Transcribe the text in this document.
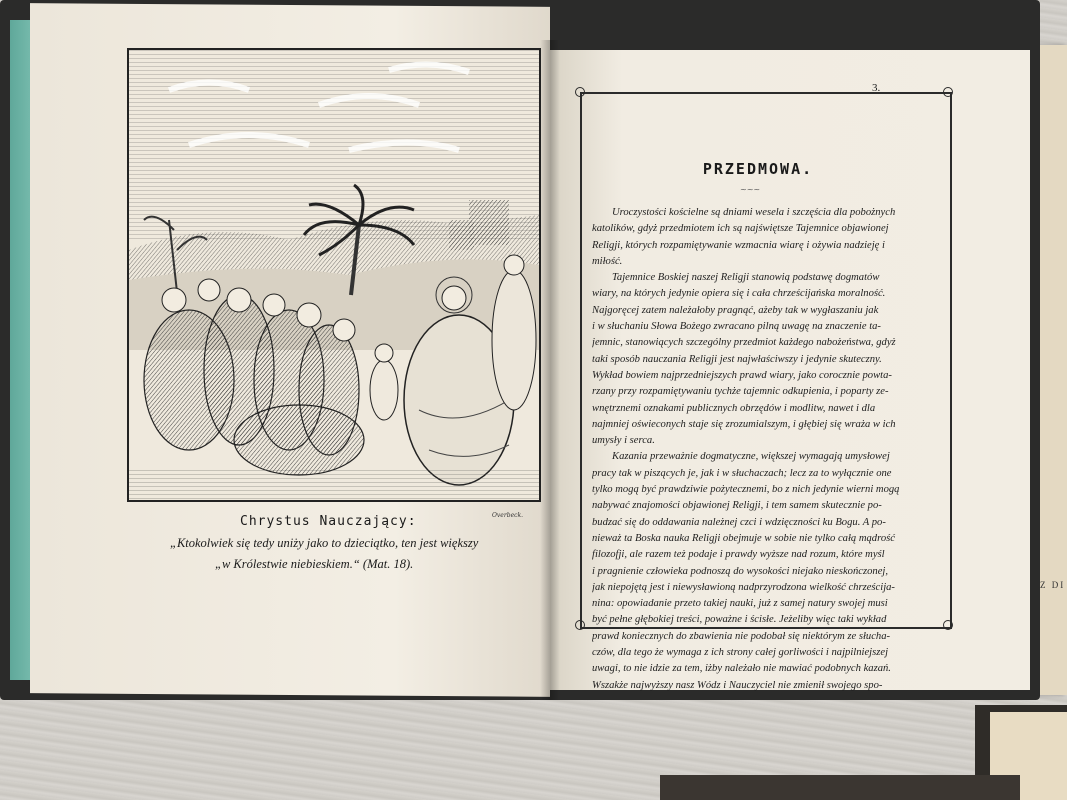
Z DI
Overbeck.
Chrystus Nauczający:
„Ktokolwiek się tedy uniży jako to dzieciątko, ten jest większy
„w Królestwie niebieskiem.“ (Mat. 18).
3.
PRZEDMOWA.
~~~
Uroczystości kościelne są dniami wesela i szczęścia dla pobożnych
katolików, gdyż przedmiotem ich są najświętsze Tajemnice objawionej
Religji, których rozpamiętywanie wzmacnia wiarę i ożywia nadzieję i
miłość.
Tajemnice Boskiej naszej Religji stanowią podstawę dogmatów
wiary, na których jedynie opiera się i cała chrześcijańska moralność.
Najgoręcej zatem należałoby pragnąć, ażeby tak w wygłaszaniu jak
i w słuchaniu Słowa Bożego zwracano pilną uwagę na znaczenie ta-
jemnic, stanowiących szczególny przedmiot każdego nabożeństwa, gdyż
taki sposób nauczania Religji jest najwłaściwszy i jedynie skuteczny.
Wykład bowiem najprzedniejszych prawd wiary, jako corocznie powta-
rzany przy rozpamiętywaniu tychże tajemnic odkupienia, i poparty ze-
wnętrznemi oznakami publicznych obrzędów i modlitw, nawet i dla
najmniej oświeconych staje się zrozumialszym, i głębiej się wraża w ich
umysły i serca.
Kazania przeważnie dogmatyczne, większej wymagają umysłowej
pracy tak w piszących je, jak i w słuchaczach; lecz za to wyłącznie one
tylko mogą być prawdziwie pożytecznemi, bo z nich jedynie wierni mogą
nabywać znajomości objawionej Religji, i tem samem skutecznie po-
budzać się do oddawania należnej czci i wdzięczności ku Bogu. A po-
nieważ ta Boska nauka Religji obejmuje w sobie nie tylko całą mądrość
filozofji, ale razem też podaje i prawdy wyższe nad rozum, które myśl
i pragnienie człowieka podnoszą do wysokości niejako nieskończonej,
jak niepojętą jest i niewysławioną nadprzyrodzona wielkość chrześcija-
nina: opowiadanie przeto takiej nauki, już z samej natury swojej musi
być pełne głębokiej treści, poważne i ścisłe. Jeżeliby więc taki wykład
prawd koniecznych do zbawienia nie podobał się niektórym ze słucha-
czów, dla tego że wymaga z ich strony całej gorliwości i najpilniejszej
uwagi, to nie idzie za tem, iżby należało nie mawiać podobnych kazań.
Wszakże najwyższy nasz Wódz i Nauczyciel nie zmienił swojego spo-
